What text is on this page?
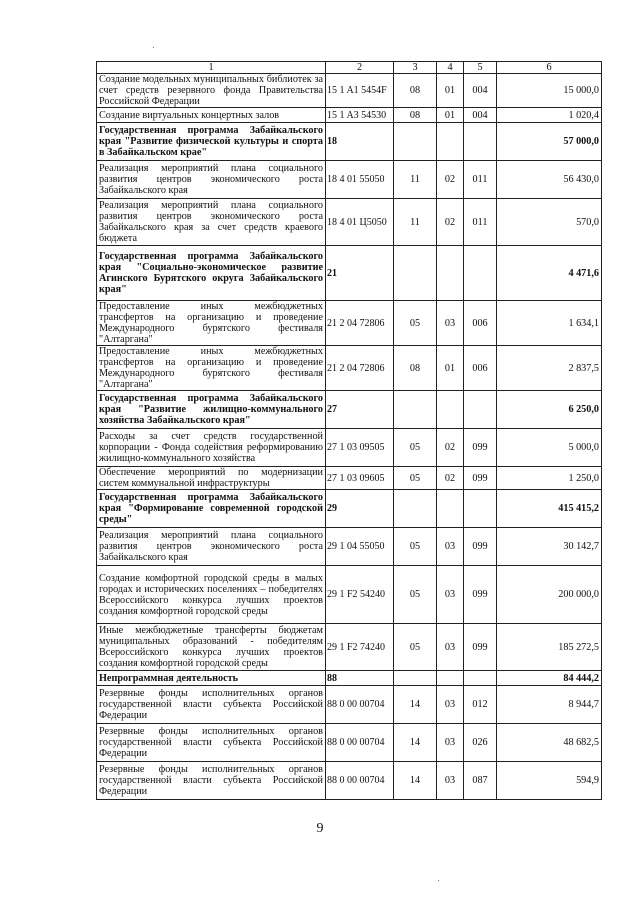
1	2	3	4	5	6
Создание модельных муниципальных библиотек за счет средств резервного фонда Правительства Российской Федерации	15 1 A1 5454F	08	01	004	15 000,0
Создание виртуальных концертных залов	15 1 A3 54530	08	01	004	1 020,4
Государственная программа Забайкальского края "Развитие физической культуры и спорта в Забайкальском крае"	18				57 000,0
Реализация мероприятий плана социального развития центров экономического роста Забайкальского края	18 4 01 55050	11	02	011	56 430,0
Реализация мероприятий плана социального развития центров экономического роста Забайкальского края за счет средств краевого бюджета	18 4 01 Ц5050	11	02	011	570,0
Государственная программа Забайкальского края "Социально-экономическое развитие Агинского Бурятского округа Забайкальского края"	21				4 471,6
Предоставление иных межбюджетных трансфертов на организацию и проведение Международного бурятского фестиваля "Алтаргана"	21 2 04 72806	05	03	006	1 634,1
Предоставление иных межбюджетных трансфертов на организацию и проведение Международного бурятского фестиваля "Алтаргана"	21 2 04 72806	08	01	006	2 837,5
Государственная программа Забайкальского края "Развитие жилищно-коммунального хозяйства Забайкальского края"	27				6 250,0
Расходы за счет средств государственной корпорации - Фонда содействия реформированию жилищно-коммунального хозяйства	27 1 03 09505	05	02	099	5 000,0
Обеспечение мероприятий по модернизации систем коммунальной инфраструктуры	27 1 03 09605	05	02	099	1 250,0
Государственная программа Забайкальского края "Формирование современной городской среды"	29				415 415,2
Реализация мероприятий плана социального развития центров экономического роста Забайкальского края	29 1 04 55050	05	03	099	30 142,7
Создание комфортной городской среды в малых городах и исторических поселениях – победителях Всероссийского конкурса лучших проектов создания комфортной городской среды	29 1 F2 54240	05	03	099	200 000,0
Иные межбюджетные трансферты бюджетам муниципальных образований - победителям Всероссийского конкурса лучших проектов создания комфортной городской среды	29 1 F2 74240	05	03	099	185 272,5
Непрограммная деятельность	88				84 444,2
Резервные фонды исполнительных органов государственной власти субъекта Российской Федерации	88 0 00 00704	14	03	012	8 944,7
Резервные фонды исполнительных органов государственной власти субъекта Российской Федерации	88 0 00 00704	14	03	026	48 682,5
Резервные фонды исполнительных органов государственной власти субъекта Российской Федерации	88 0 00 00704	14	03	087	594,9
9
